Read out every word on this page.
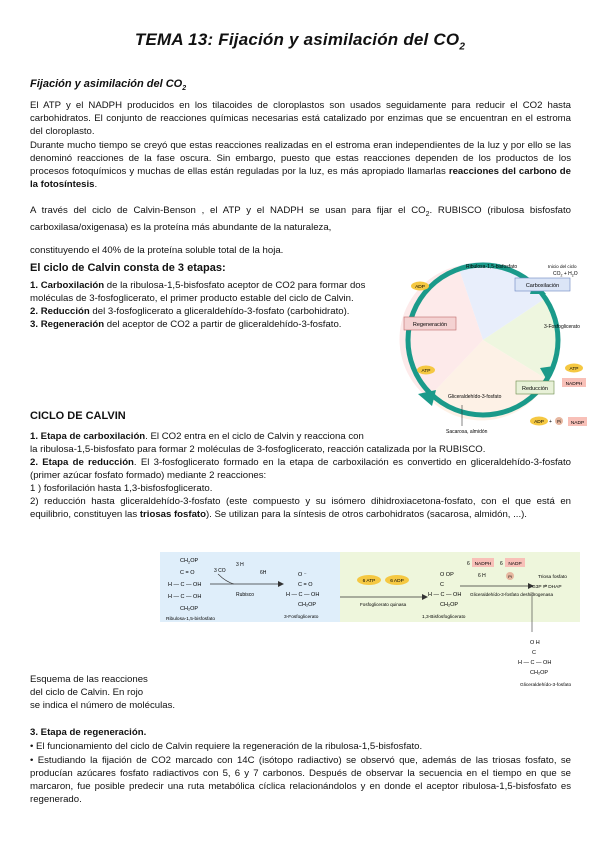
TEMA 13: Fijación y asimilación del $CO_2$
Fijación y asimilación del $CO_2$
El ATP y el NADPH producidos en los tilacoides de cloroplastos son usados seguidamente para reducir el CO2 hasta carbohidratos. El conjunto de reacciones químicas necesarias está catalizado por enzimas que se encuentran en el estroma del cloroplasto.
Durante mucho tiempo se creyó que estas reacciones realizadas en el estroma eran independientes de la luz y por ello se las denominó reacciones de la fase oscura. Sin embargo, puesto que estas reacciones dependen de los productos de los procesos fotoquímicos y muchas de ellas están reguladas por la luz, es más apropiado llamarlas reacciones del carbono de la fotosíntesis.
A través del ciclo de Calvin-Benson , el ATP y el NADPH se usan para fijar el $CO_2$. RUBISCO (ribulosa bisfosfato carboxilasa/oxigenasa) es la proteína más abundante de la naturaleza,
constituyendo el 40% de la proteína soluble total de la hoja.
El ciclo de Calvin consta de 3 etapas:
1. Carboxilación de la ribulosa-1,5-bisfosfato aceptor de CO2 para formar dos moléculas de 3-fosfoglicerato, el primer producto estable del ciclo de Calvin.
2. Reducción del 3-fosfoglicerato a gliceraldehído-3-fosfato (carbohidrato).
3. Regeneración del aceptor de CO2 a partir de gliceraldehído-3-fosfato.
Carboxilación
Regeneración
Reducción
Ribulosa-1,5-bisfosfato	Inicio del ciclo
$CO_2 + H_2O$
3-Fosfoglicerato
Gliceraldehído-3-fosfato
Sacarosa, almidón
ADP
ATP	ATP
NADPH
ADP + Pi NADP
CICLO DE CALVIN
1. Etapa de carboxilación. El CO2 entra en el ciclo de Calvin y reacciona con
la ribulosa-1,5-bisfosfato para formar 2 moléculas de 3-fosfoglicerato, reacción catalizada por la RUBISCO.
2. Etapa de reducción. El 3-fosfoglicerato formado en la etapa de carboxilación es convertido en gliceraldehído-3-fosfato (primer azúcar fosfato formado) mediante 2 reacciones:
1 ) fosforilación hasta 1,3-bisfosfoglicerato.
2) reducción hasta gliceraldehído-3-fosfato (este compuesto y su isómero dihidroxiacetona-fosfato, con el que está en equilibrio, constituyen las triosas fosfato). Se utilizan para la síntesis de otros carbohidratos (sacarosa, almidón, ...).
$CH_2OP$
C = O
H — C — OH
H — C — OH
CH₂OP
Ribulosa-1,5-bisfosfato
3 CO
3 H
6H
Rubisco
O ⁻
C = O
H — C — OH
CH₂OP
3-Fosfoglicerato
6 ATP	6 ADP
Fosfoglicerato quinasa
O OP
C
H — C — OH
CH₂OP
1,3-Bisfosfoglicerato
6 NADPH 6 NADP
6 H	Pi
Gliceraldehído-3-fosfato deshidrogenasa
Triosa fosfato
G3P ⇌ DHAP
O H
C
H — C — OH
CH₂OP
Gliceraldehído-3-fosfato
Esquema de las reacciones
del ciclo de Calvin. En rojo
se indica el número de moléculas.
3. Etapa de regeneración.
• El funcionamiento del ciclo de Calvin requiere la regeneración de la ribulosa-1,5-bisfosfato.
• Estudiando la fijación de CO2 marcado con 14C (isótopo radiactivo) se observó que, además de las triosas fosfato, se producían azúcares fosfato radiactivos con 5, 6 y 7 carbonos. Después de observar la secuencia en el tiempo en que se marcaron, fue posible predecir una ruta metabólica cíclica relacionándolos y en donde el aceptor ribulosa-1,5-bisfosfato es regenerado.
